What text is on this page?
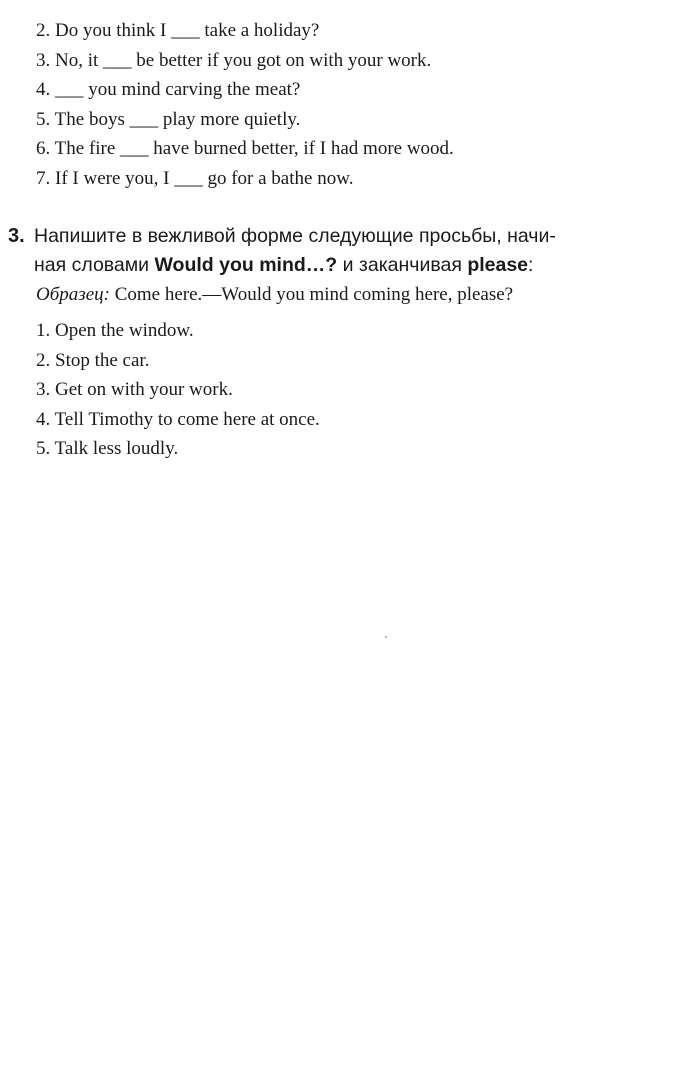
2. Do you think I ___ take a holiday?
3. No, it ___ be better if you got on with your work.
4. ___ you mind carving the meat?
5. The boys ___ play more quietly.
6. The fire ___ have burned better, if I had more wood.
7. If I were you, I ___ go for a bathe now.
3. Напишите в вежливой форме следующие просьбы, начи-
ная словами Would you mind…? и заканчивая please:
Образец: Come here.—Would you mind coming here, please?
1. Open the window.
2. Stop the car.
3. Get on with your work.
4. Tell Timothy to come here at once.
5. Talk less loudly.
